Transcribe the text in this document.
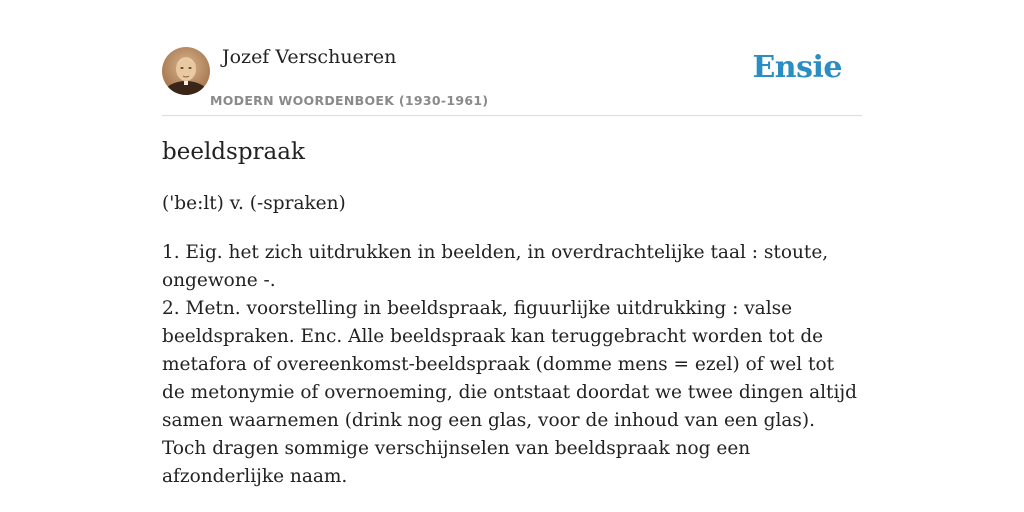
Jozef Verschueren
MODERN WOORDENBOEK (1930-1961)
Ensie
beeldspraak
('be:lt) v. (-spraken)

1. Eig. het zich uitdrukken in beelden, in overdrachtelijke taal : stoute, ongewone -.

2. Metn. voorstelling in beeldspraak, figuurlijke uitdrukking : valse beeldspraken. Enc. Alle beeldspraak kan teruggebracht worden tot de metafora of overeenkomst-beeldspraak (domme mens = ezel) of wel tot de metonymie of overnoeming, die ontstaat doordat we twee dingen altijd samen waarnemen (drink nog een glas, voor de inhoud van een glas). Toch dragen sommige verschijnselen van beeldspraak nog een afzonderlijke naam.
